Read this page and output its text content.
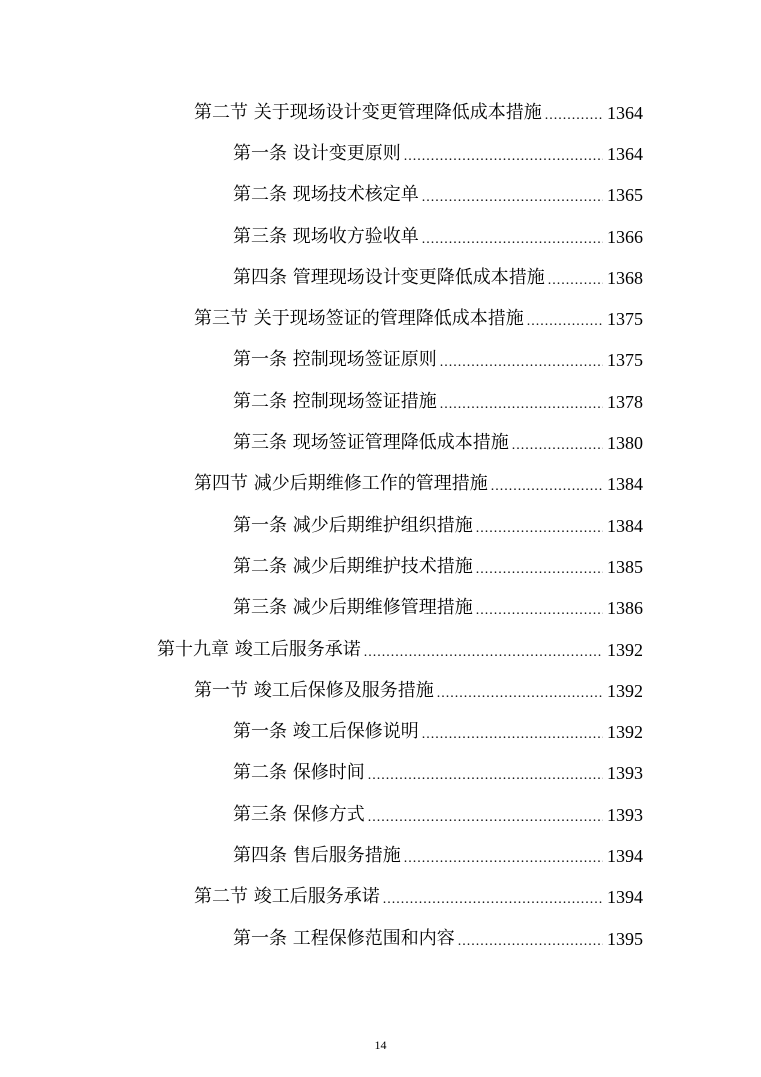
第二节 关于现场设计变更管理降低成本措施 .....	1364
第一条 设计变更原则 .....	1364
第二条 现场技术核定单 .....	1365
第三条 现场收方验收单 .....	1366
第四条 管理现场设计变更降低成本措施 .....	1368
第三节 关于现场签证的管理降低成本措施 .....	1375
第一条 控制现场签证原则 .....	1375
第二条 控制现场签证措施 .....	1378
第三条 现场签证管理降低成本措施 .....	1380
第四节 减少后期维修工作的管理措施 .....	1384
第一条 减少后期维护组织措施 .....	1384
第二条 减少后期维护技术措施 .....	1385
第三条 减少后期维修管理措施 .....	1386
第十九章 竣工后服务承诺 .....	1392
第一节 竣工后保修及服务措施 .....	1392
第一条 竣工后保修说明 .....	1392
第二条 保修时间 .....	1393
第三条 保修方式 .....	1393
第四条 售后服务措施 .....	1394
第二节 竣工后服务承诺 .....	1394
第一条 工程保修范围和内容 .....	1395
14
